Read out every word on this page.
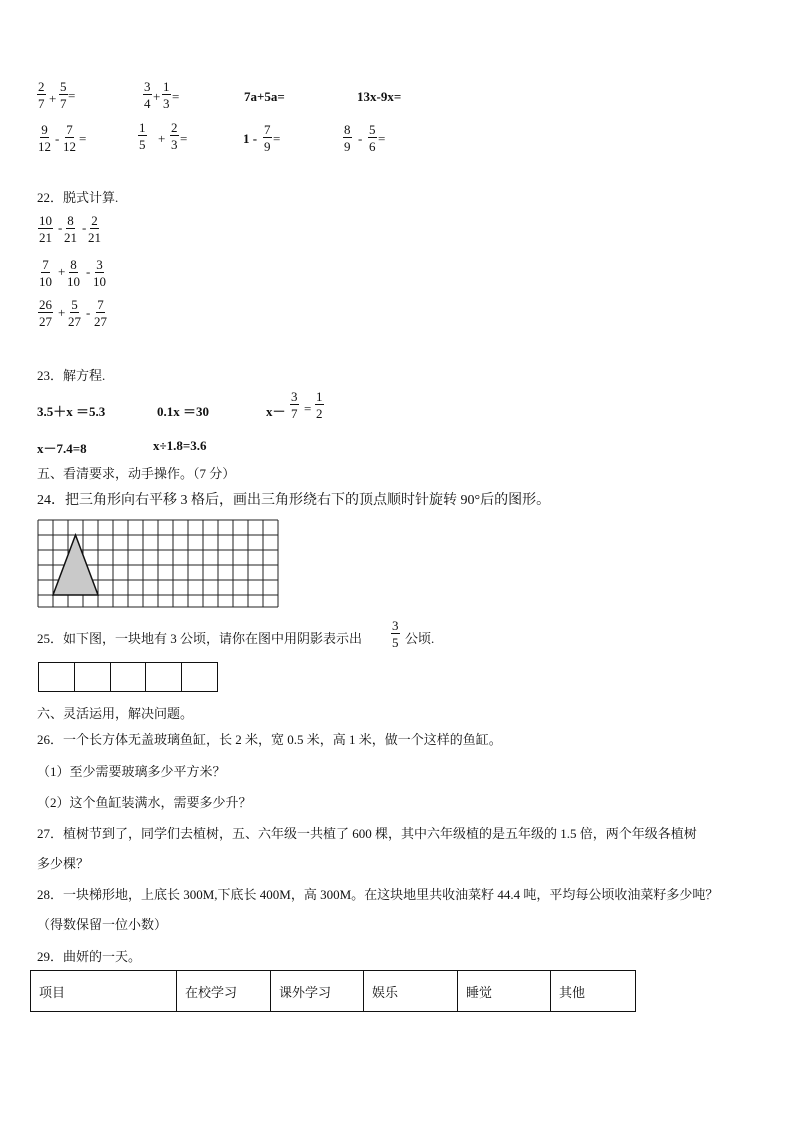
$\frac{2}{7} + \frac{5}{7}$ =	$\frac{3}{4} + \frac{1}{3}$ =	7a+5a=	13x-9x=
$\frac{9}{12} - \frac{7}{12}$ =	$\frac{1}{5} + \frac{2}{3}$ =	$1 - \frac{7}{9}$ =	$\frac{8}{9} - \frac{5}{6}$ =
22．脱式计算.
$\frac{10}{21} - \frac{8}{21} - \frac{2}{21}$
$\frac{7}{10} + \frac{8}{10} - \frac{3}{10}$
$\frac{26}{27} + \frac{5}{27} - \frac{7}{27}$
23．解方程.
3.5＋x ＝5.3	0.1x ＝30	$x- \frac{3}{7} = \frac{1}{2}$
x－7.4=8	x÷1.8=3.6
五、看清要求，动手操作。（7 分）
24．把三角形向右平移 3 格后，画出三角形绕右下的顶点顺时针旋转 90°后的图形。
25．如下图，一块地有 3 公顷，请你在图中用阴影表示出 $\frac{3}{5}$ 公顷.
六、灵活运用，解决问题。
26．一个长方体无盖玻璃鱼缸，长 2 米，宽 0.5 米，高 1 米，做一个这样的鱼缸。
（1）至少需要玻璃多少平方米？
（2）这个鱼缸装满水，需要多少升？
27．植树节到了，同学们去植树，五、六年级一共植了 600 棵，其中六年级植的是五年级的 1.5 倍，两个年级各植树
多少棵？
28．一块梯形地，上底长 300M,下底长 400M，高 300M。在这块地里共收油菜籽 44.4 吨，平均每公顷收油菜籽多少吨？
（得数保留一位小数）
29．曲妍的一天。
项目	在校学习	课外学习	娱乐	睡觉	其他
